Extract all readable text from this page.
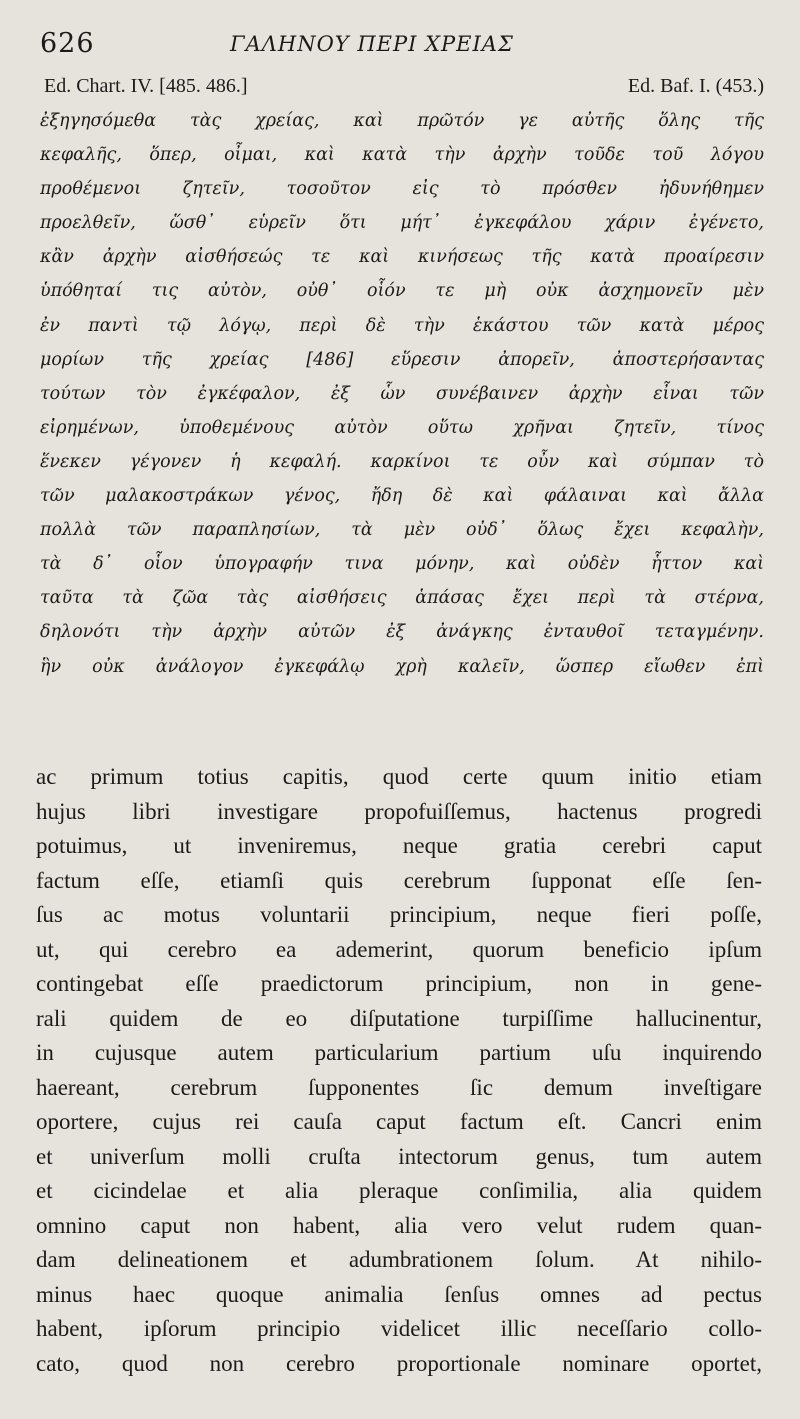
626	ΓΑΛΗΝΟΥ ΠΕΡΙ ΧΡΕΙΑΣ
Ed. Chart. IV. [485. 486.]	Ed. Baf. I. (453.)
ἐξηγησόμεθα τὰς χρείας, καὶ πρῶτόν γε αὐτῆς ὅλης τῆς
κεφαλῆς, ὅπερ, οἶμαι, καὶ κατὰ τὴν ἀρχὴν τοῦδε τοῦ λόγου
προθέμενοι ζητεῖν, τοσοῦτον εἰς τὸ πρόσθεν ἠδυνήθημεν
προελθεῖν, ὥσθ᾽ εὑρεῖν ὅτι μήτ᾽ ἐγκεφάλου χάριν ἐγένετο,
κἂν ἀρχὴν αἰσθήσεώς τε καὶ κινήσεως τῆς κατὰ προαίρεσιν
ὑπόθηταί τις αὐτὸν, οὐθ᾽ οἷόν τε μὴ οὐκ ἀσχημονεῖν μὲν
ἐν παντὶ τῷ λόγῳ, περὶ δὲ τὴν ἑκάστου τῶν κατὰ μέρος
μορίων τῆς χρείας [486] εὕρεσιν ἀπορεῖν, ἀποστερήσαντας
τούτων τὸν ἐγκέφαλον, ἐξ ὧν συνέβαινεν ἀρχὴν εἶναι τῶν
εἰρημένων, ὑποθεμένους αὐτὸν οὕτω χρῆναι ζητεῖν, τίνος
ἕνεκεν γέγονεν ἡ κεφαλή. καρκίνοι τε οὖν καὶ σύμπαν τὸ
τῶν μαλακοστράκων γένος, ἤδη δὲ καὶ φάλαιναι καὶ ἄλλα
πολλὰ τῶν παραπλησίων, τὰ μὲν οὐδ᾽ ὅλως ἔχει κεφαλὴν,
τὰ δ᾽ οἷον ὑπογραφήν τινα μόνην, καὶ οὐδὲν ἧττον καὶ
ταῦτα τὰ ζῶα τὰς αἰσθήσεις ἁπάσας ἔχει περὶ τὰ στέρνα,
δηλονότι τὴν ἀρχὴν αὐτῶν ἐξ ἀνάγκης ἐνταυθοῖ τεταγμένην.
ἣν οὐκ ἀνάλογον ἐγκεφάλῳ χρὴ καλεῖν, ὥσπερ εἴωθεν ἐπὶ
ac primum totius capitis, quod certe quum initio etiam
hujus libri investigare propofuiſſemus, hactenus progredi
potuimus, ut inveniremus, neque gratia cerebri caput
factum eſſe, etiamſi quis cerebrum ſupponat eſſe ſen-
ſus ac motus voluntarii principium, neque fieri poſſe,
ut, qui cerebro ea ademerint, quorum beneficio ipſum
contingebat eſſe praedictorum principium, non in gene-
rali quidem de eo diſputatione turpiſſime hallucinentur,
in cujusque autem particularium partium uſu inquirendo
haereant, cerebrum ſupponentes ſic demum inveſtigare
oportere, cujus rei cauſa caput factum eſt. Cancri enim
et univerſum molli cruſta intectorum genus, tum autem
et cicindelae et alia pleraque conſimilia, alia quidem
omnino caput non habent, alia vero velut rudem quan-
dam delineationem et adumbrationem ſolum. At nihilo-
minus haec quoque animalia ſenſus omnes ad pectus
habent, ipſorum principio videlicet illic neceſſario collo-
cato, quod non cerebro proportionale nominare oportet,
